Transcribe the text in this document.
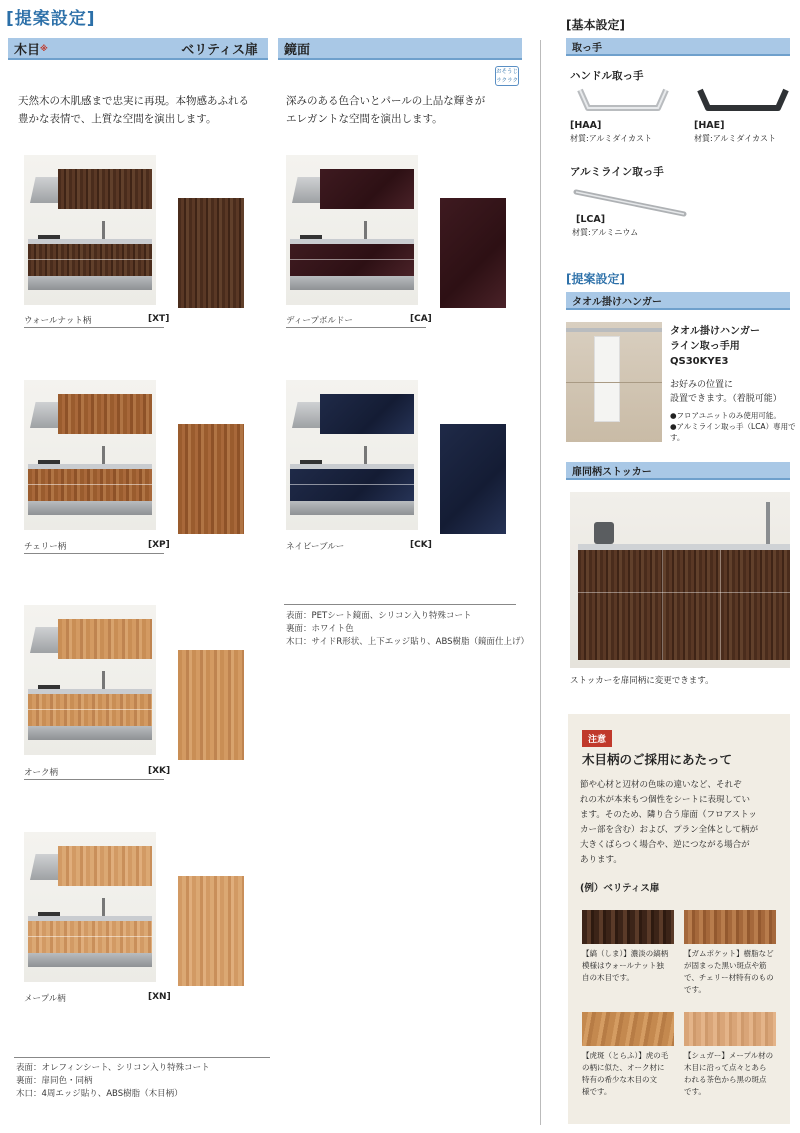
[提案設定]
木目 ※	ベリティス扉
天然木の木肌感まで忠実に再現。本物感あふれる
豊かな表情で、上質な空間を演出します。
ウォールナット柄	[XT]
チェリー柄	[XP]
オーク柄	[XK]
メープル柄	[XN]
表面：オレフィンシート、シリコン入り特殊コート
裏面：扉同色・同柄
木口：4周エッジ貼り、ABS樹脂（木目柄）
鏡面
おそうじ
ラクラク
深みのある色合いとパールの上品な輝きが
エレガントな空間を演出します。
ディープボルドー	[CA]
ネイビーブルー	[CK]
表面：PETシート鏡面、シリコン入り特殊コート
裏面：ホワイト色
木口：サイドR形状、上下エッジ貼り、ABS樹脂（鏡面仕上げ）
[基本設定]
取っ手
ハンドル取っ手
[HAA]
材質:アルミダイカスト
[HAE]
材質:アルミダイカスト
アルミライン取っ手
[LCA]
材質:アルミニウム
[提案設定]
タオル掛けハンガー
タオル掛けハンガー
ライン取っ手用
QS30KYE3
お好みの位置に
設置できます。（着脱可能）
●フロアユニットのみ使用可能。
●アルミライン取っ手（LCA）専用です。
扉同柄ストッカー
ストッカーを扉同柄に変更できます。
注意
木目柄のご採用にあたって
節や心材と辺材の色味の違いなど、それぞ
れの木が本来もつ個性をシートに表現してい
ます。そのため、隣り合う扉面（フロアストッ
カー部を含む）および、プラン全体として柄が
大きくばらつく場合や、逆につながる場合が
あります。
(例）ベリティス扉
【縞（しま）】濃淡の縞柄
模様はウォールナット独
自の木目です。
【ガムポケット】樹脂など
が固まった黒い斑点や筋
で、チェリー材特有のもの
です。
【虎斑（とらふ）】虎の毛
の柄に似た、オーク材に
特有の希少な木目の文
様です。
【シュガー】メープル材の
木目に沿って点々とあら
われる茶色から黒の斑点
です。
